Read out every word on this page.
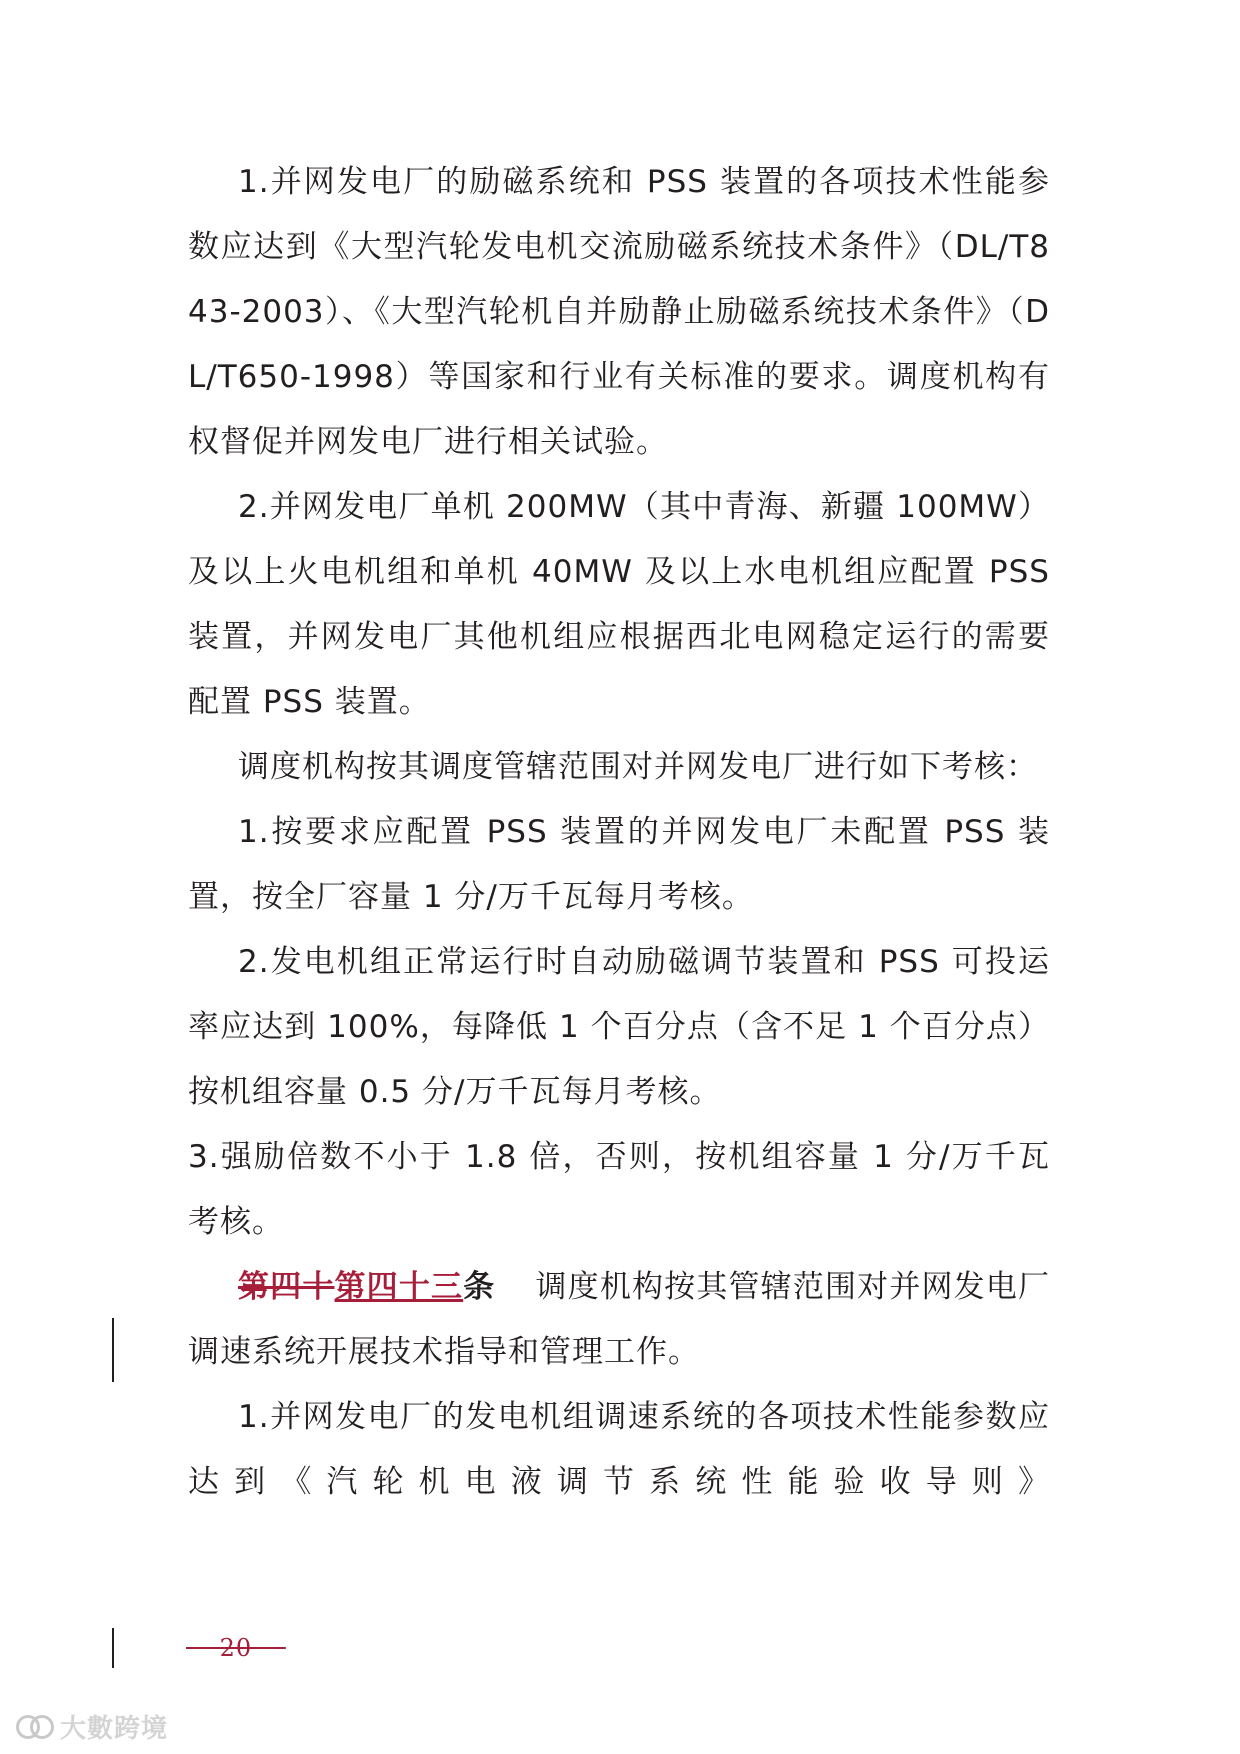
1.并网发电厂的励磁系统和 PSS 装置的各项技术性能参数应达到《大型汽轮发电机交流励磁系统技术条件》（DL/T843-2003）、《大型汽轮机自并励静止励磁系统技术条件》（DL/T650-1998）等国家和行业有关标准的要求。调度机构有权督促并网发电厂进行相关试验。

2.并网发电厂单机 200MW（其中青海、新疆 100MW）及以上火电机组和单机 40MW 及以上水电机组应配置 PSS 装置，并网发电厂其他机组应根据西北电网稳定运行的需要配置 PSS 装置。

调度机构按其调度管辖范围对并网发电厂进行如下考核：

1.按要求应配置 PSS 装置的并网发电厂未配置 PSS 装置，按全厂容量 1 分/万千瓦每月考核。

2.发电机组正常运行时自动励磁调节装置和 PSS 可投运率应达到 100%，每降低 1 个百分点（含不足 1 个百分点）按机组容量 0.5 分/万千瓦每月考核。

3.强励倍数不小于 1.8 倍，否则，按机组容量 1 分/万千瓦考核。

第四十第四十三条 调度机构按其管辖范围对并网发电厂调速系统开展技术指导和管理工作。

1.并网发电厂的发电机组调速系统的各项技术性能参数应达到《汽轮机电液调节系统性能验收导则》

－ 20 －
大數跨境
